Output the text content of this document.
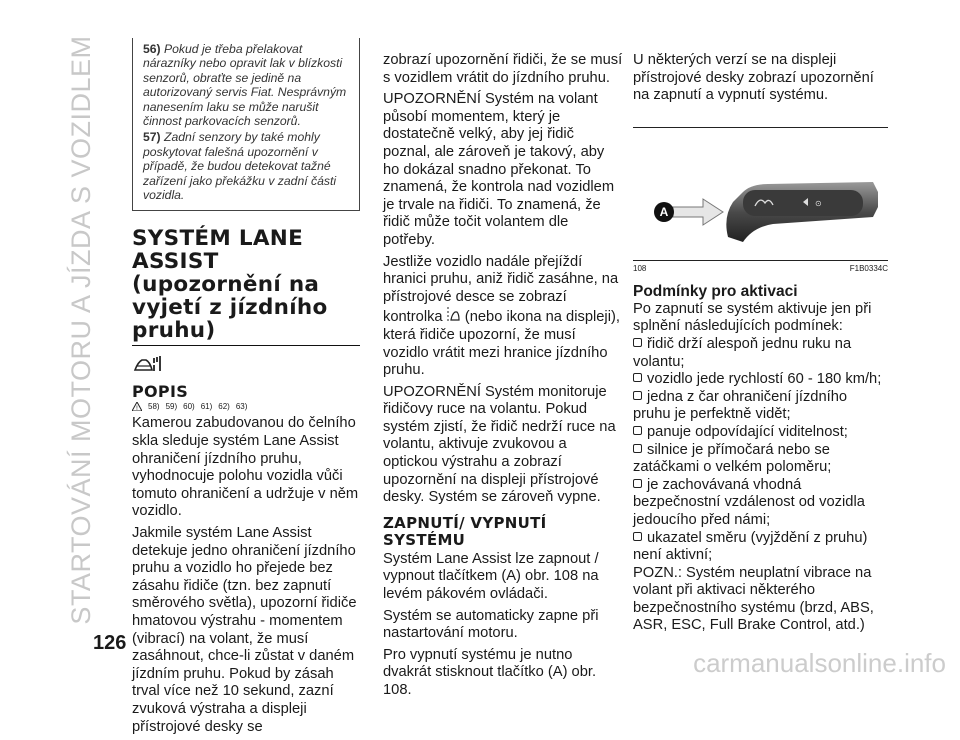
STARTOVÁNÍ MOTORU A JÍZDA S VOZIDLEM
126
carmanualsonline.info

56) Pokud je třeba přelakovat nárazníky nebo opravit lak v blízkosti senzorů, obraťte se jedině na autorizovaný servis Fiat. Nesprávným nanesením laku se může narušit činnost parkovacích senzorů.

57) Zadní senzory by také mohly poskytovat falešná upozornění v případě, že budou detekovat tažné zařízení jako překážku v zadní části vozidla.

SYSTÉM LANE ASSIST (upozornění na vyjetí z jízdního pruhu)
POPIS
! 58) 59) 60) 61) 62) 63)

Kamerou zabudovanou do čelního skla sleduje systém Lane Assist ohraničení jízdního pruhu, vyhodnocuje polohu vozidla vůči tomuto ohraničení a udržuje v něm vozidlo.

Jakmile systém Lane Assist detekuje jedno ohraničení jízdního pruhu a vozidlo ho přejede bez zásahu řidiče (tzn. bez zapnutí směrového světla), upozorní řidiče hmatovou výstrahu - momentem (vibrací) na volant, že musí zasáhnout, chce-li zůstat v daném jízdním pruhu. Pokud by zásah trval více než 10 sekund, zazní zvuková výstraha a displeji přístrojové desky se

zobrazí upozornění řidiči, že se musí s vozidlem vrátit do jízdního pruhu.

UPOZORNĚNÍ Systém na volant působí momentem, který je dostatečně velký, aby jej řidič poznal, ale zároveň je takový, aby ho dokázal snadno překonat. To znamená, že kontrola nad vozidlem je trvale na řidiči. To znamená, že řidič může točit volantem dle potřeby.

Jestliže vozidlo nadále přejíždí hranici pruhu, aniž řidič zasáhne, na přístrojové desce se zobrazí kontrolka (nebo ikona na displeji), která řidiče upozorní, že musí vozidlo vrátit mezi hranice jízdního pruhu.

UPOZORNĚNÍ Systém monitoruje řidičovy ruce na volantu. Pokud systém zjistí, že řidič nedrží ruce na volantu, aktivuje zvukovou a optickou výstrahu a zobrazí upozornění na displeji přístrojové desky. Systém se zároveň vypne.

ZAPNUTÍ/ VYPNUTÍ SYSTÉMU

Systém Lane Assist lze zapnout / vypnout tlačítkem (A) obr. 108 na levém pákovém ovládači.

Systém se automaticky zapne při nastartování motoru.

Pro vypnutí systému je nutno dvakrát stisknout tlačítko (A) obr. 108.

U některých verzí se na displeji přístrojové desky zobrazí upozornění na zapnutí a vypnutí systému.

⊙
A
108	F1B0334C
Podmínky pro aktivaci

Po zapnutí se systém aktivuje jen při splnění následujících podmínek:

řidič drží alespoň jednu ruku na volantu;
vozidlo jede rychlostí 60 - 180 km/h;
jedna z čar ohraničení jízdního pruhu je perfektně vidět;
panuje odpovídající viditelnost;
silnice je přímočará nebo se zatáčkami o velkém poloměru;
je zachovávaná vhodná bezpečnostní vzdálenost od vozidla jedoucího před námi;
ukazatel směru (vyjždění z pruhu) není aktivní;

POZN.: Systém neuplatní vibrace na volant při aktivaci některého bezpečnostního systému (brzd, ABS, ASR, ESC, Full Brake Control, atd.)
